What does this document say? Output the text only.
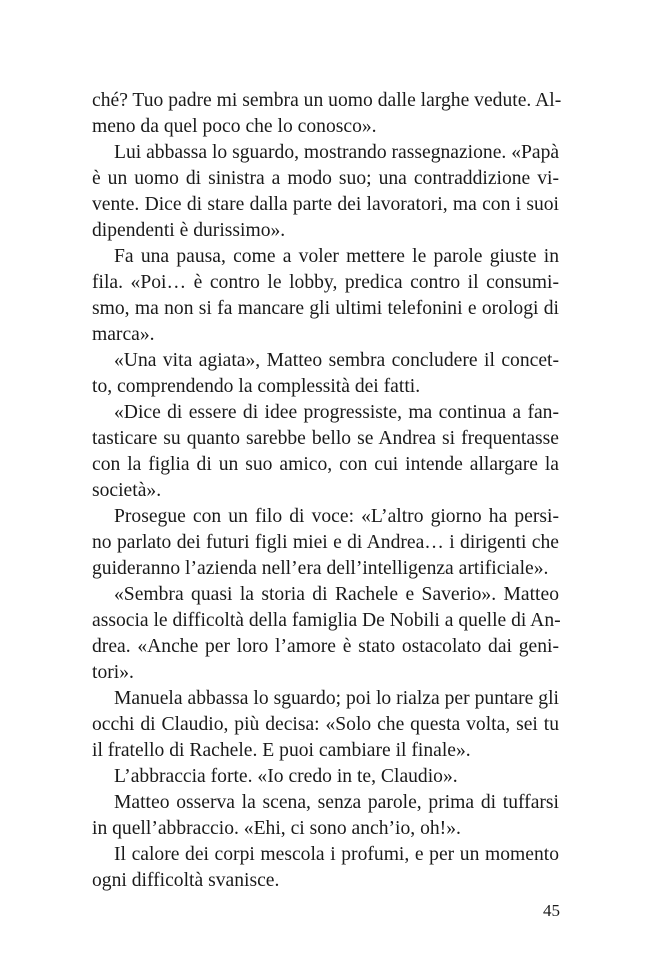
ché? Tuo padre mi sembra un uomo dalle larghe vedute. Al-
meno da quel poco che lo conosco».
Lui abbassa lo sguardo, mostrando rassegnazione. «Papà
è un uomo di sinistra a modo suo; una contraddizione vi-
vente. Dice di stare dalla parte dei lavoratori, ma con i suoi
dipendenti è durissimo».
Fa una pausa, come a voler mettere le parole giuste in
fila. «Poi… è contro le lobby, predica contro il consumi-
smo, ma non si fa mancare gli ultimi telefonini e orologi di
marca».
«Una vita agiata», Matteo sembra concludere il concet-
to, comprendendo la complessità dei fatti.
«Dice di essere di idee progressiste, ma continua a fan-
tasticare su quanto sarebbe bello se Andrea si frequentasse
con la figlia di un suo amico, con cui intende allargare la
società».
Prosegue con un filo di voce: «L’altro giorno ha persi-
no parlato dei futuri figli miei e di Andrea… i dirigenti che
guideranno l’azienda nell’era dell’intelligenza artificiale».
«Sembra quasi la storia di Rachele e Saverio». Matteo
associa le difficoltà della famiglia De Nobili a quelle di An-
drea. «Anche per loro l’amore è stato ostacolato dai geni-
tori».
Manuela abbassa lo sguardo; poi lo rialza per puntare gli
occhi di Claudio, più decisa: «Solo che questa volta, sei tu
il fratello di Rachele. E puoi cambiare il finale».
L’abbraccia forte. «Io credo in te, Claudio».
Matteo osserva la scena, senza parole, prima di tuffarsi
in quell’abbraccio. «Ehi, ci sono anch’io, oh!».
Il calore dei corpi mescola i profumi, e per un momento
ogni difficoltà svanisce.
45
